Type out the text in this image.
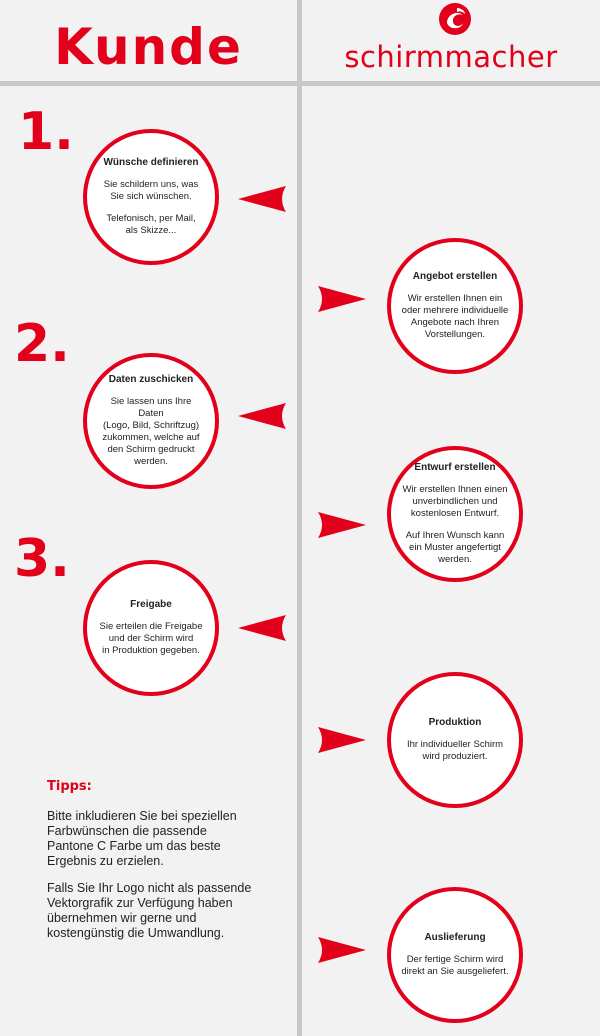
Kunde	schirmmacher
1.
2.
3.
Wünsche definieren
Sie schildern uns, was
Sie sich wünschen.
Telefonisch, per Mail,
als Skizze...
Daten zuschicken
Sie lassen uns Ihre Daten
(Logo, Bild, Schriftzug)
zukommen, welche auf
den Schirm gedruckt
werden.
Freigabe
Sie erteilen die Freigabe
und der Schirm wird
in Produktion gegeben.
Angebot erstellen
Wir erstellen Ihnen ein
oder mehrere individuelle
Angebote nach Ihren
Vorstellungen.
Entwurf erstellen
Wir erstellen Ihnen einen
unverbindlichen und
kostenlosen Entwurf.
Auf Ihren Wunsch kann
ein Muster angefertigt
werden.
Produktion
Ihr individueller Schirm
wird produziert.
Auslieferung
Der fertige Schirm wird
direkt an Sie ausgeliefert.
Tipps:
Bitte inkludieren Sie bei speziellen
Farbwünschen die passende
Pantone C Farbe um das beste
Ergebnis zu erzielen.
Falls Sie Ihr Logo nicht als passende
Vektorgrafik zur Verfügung haben
übernehmen wir gerne und
kostengünstig die Umwandlung.
